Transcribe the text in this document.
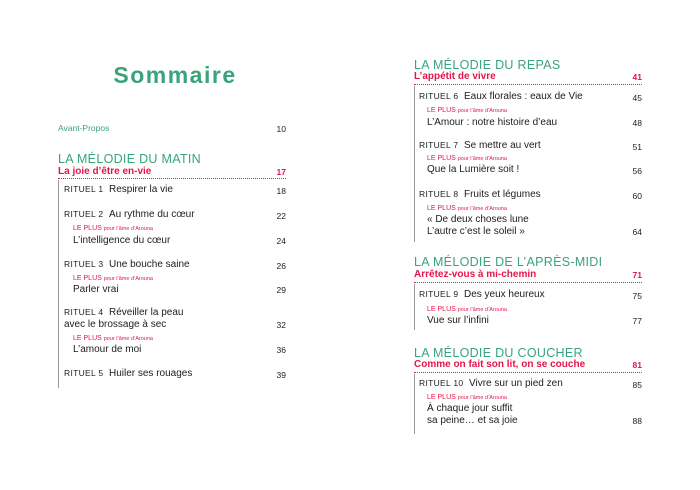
Sommaire
Avant-Propos	10
LA MÉLODIE DU MATIN
La joie d’être en-vie	17
RITUEL 1 Respirer la vie	18
RITUEL 2 Au rythme du cœur	22
LE PLUS pour l’âme d’Arouna
L’intelligence du cœur	24
RITUEL 3 Une bouche saine	26
LE PLUS pour l’âme d’Arouna
Parler vrai	29
RITUEL 4 Réveiller la peau
avec le brossage à sec	32
LE PLUS pour l’âme d’Arouna
L’amour de moi	36
RITUEL 5 Huiler ses rouages	39
LA MÉLODIE DU REPAS
L’appétit de vivre	41
RITUEL 6 Eaux florales : eaux de Vie	45
LE PLUS pour l’âme d’Arouna
L’Amour : notre histoire d’eau	48
RITUEL 7 Se mettre au vert	51
LE PLUS pour l’âme d’Arouna
Que la Lumière soit !	56
RITUEL 8 Fruits et légumes	60
LE PLUS pour l’âme d’Arouna
« De deux choses lune
L’autre c’est le soleil »	64
LA MÉLODIE DE L’APRÈS-MIDI
Arrêtez-vous à mi-chemin	71
RITUEL 9 Des yeux heureux	75
LE PLUS pour l’âme d’Arouna
Vue sur l’infini	77
LA MÉLODIE DU COUCHER
Comme on fait son lit, on se couche	81
RITUEL 10 Vivre sur un pied zen	85
LE PLUS pour l’âme d’Arouna
À chaque jour suffit
sa peine… et sa joie	88
